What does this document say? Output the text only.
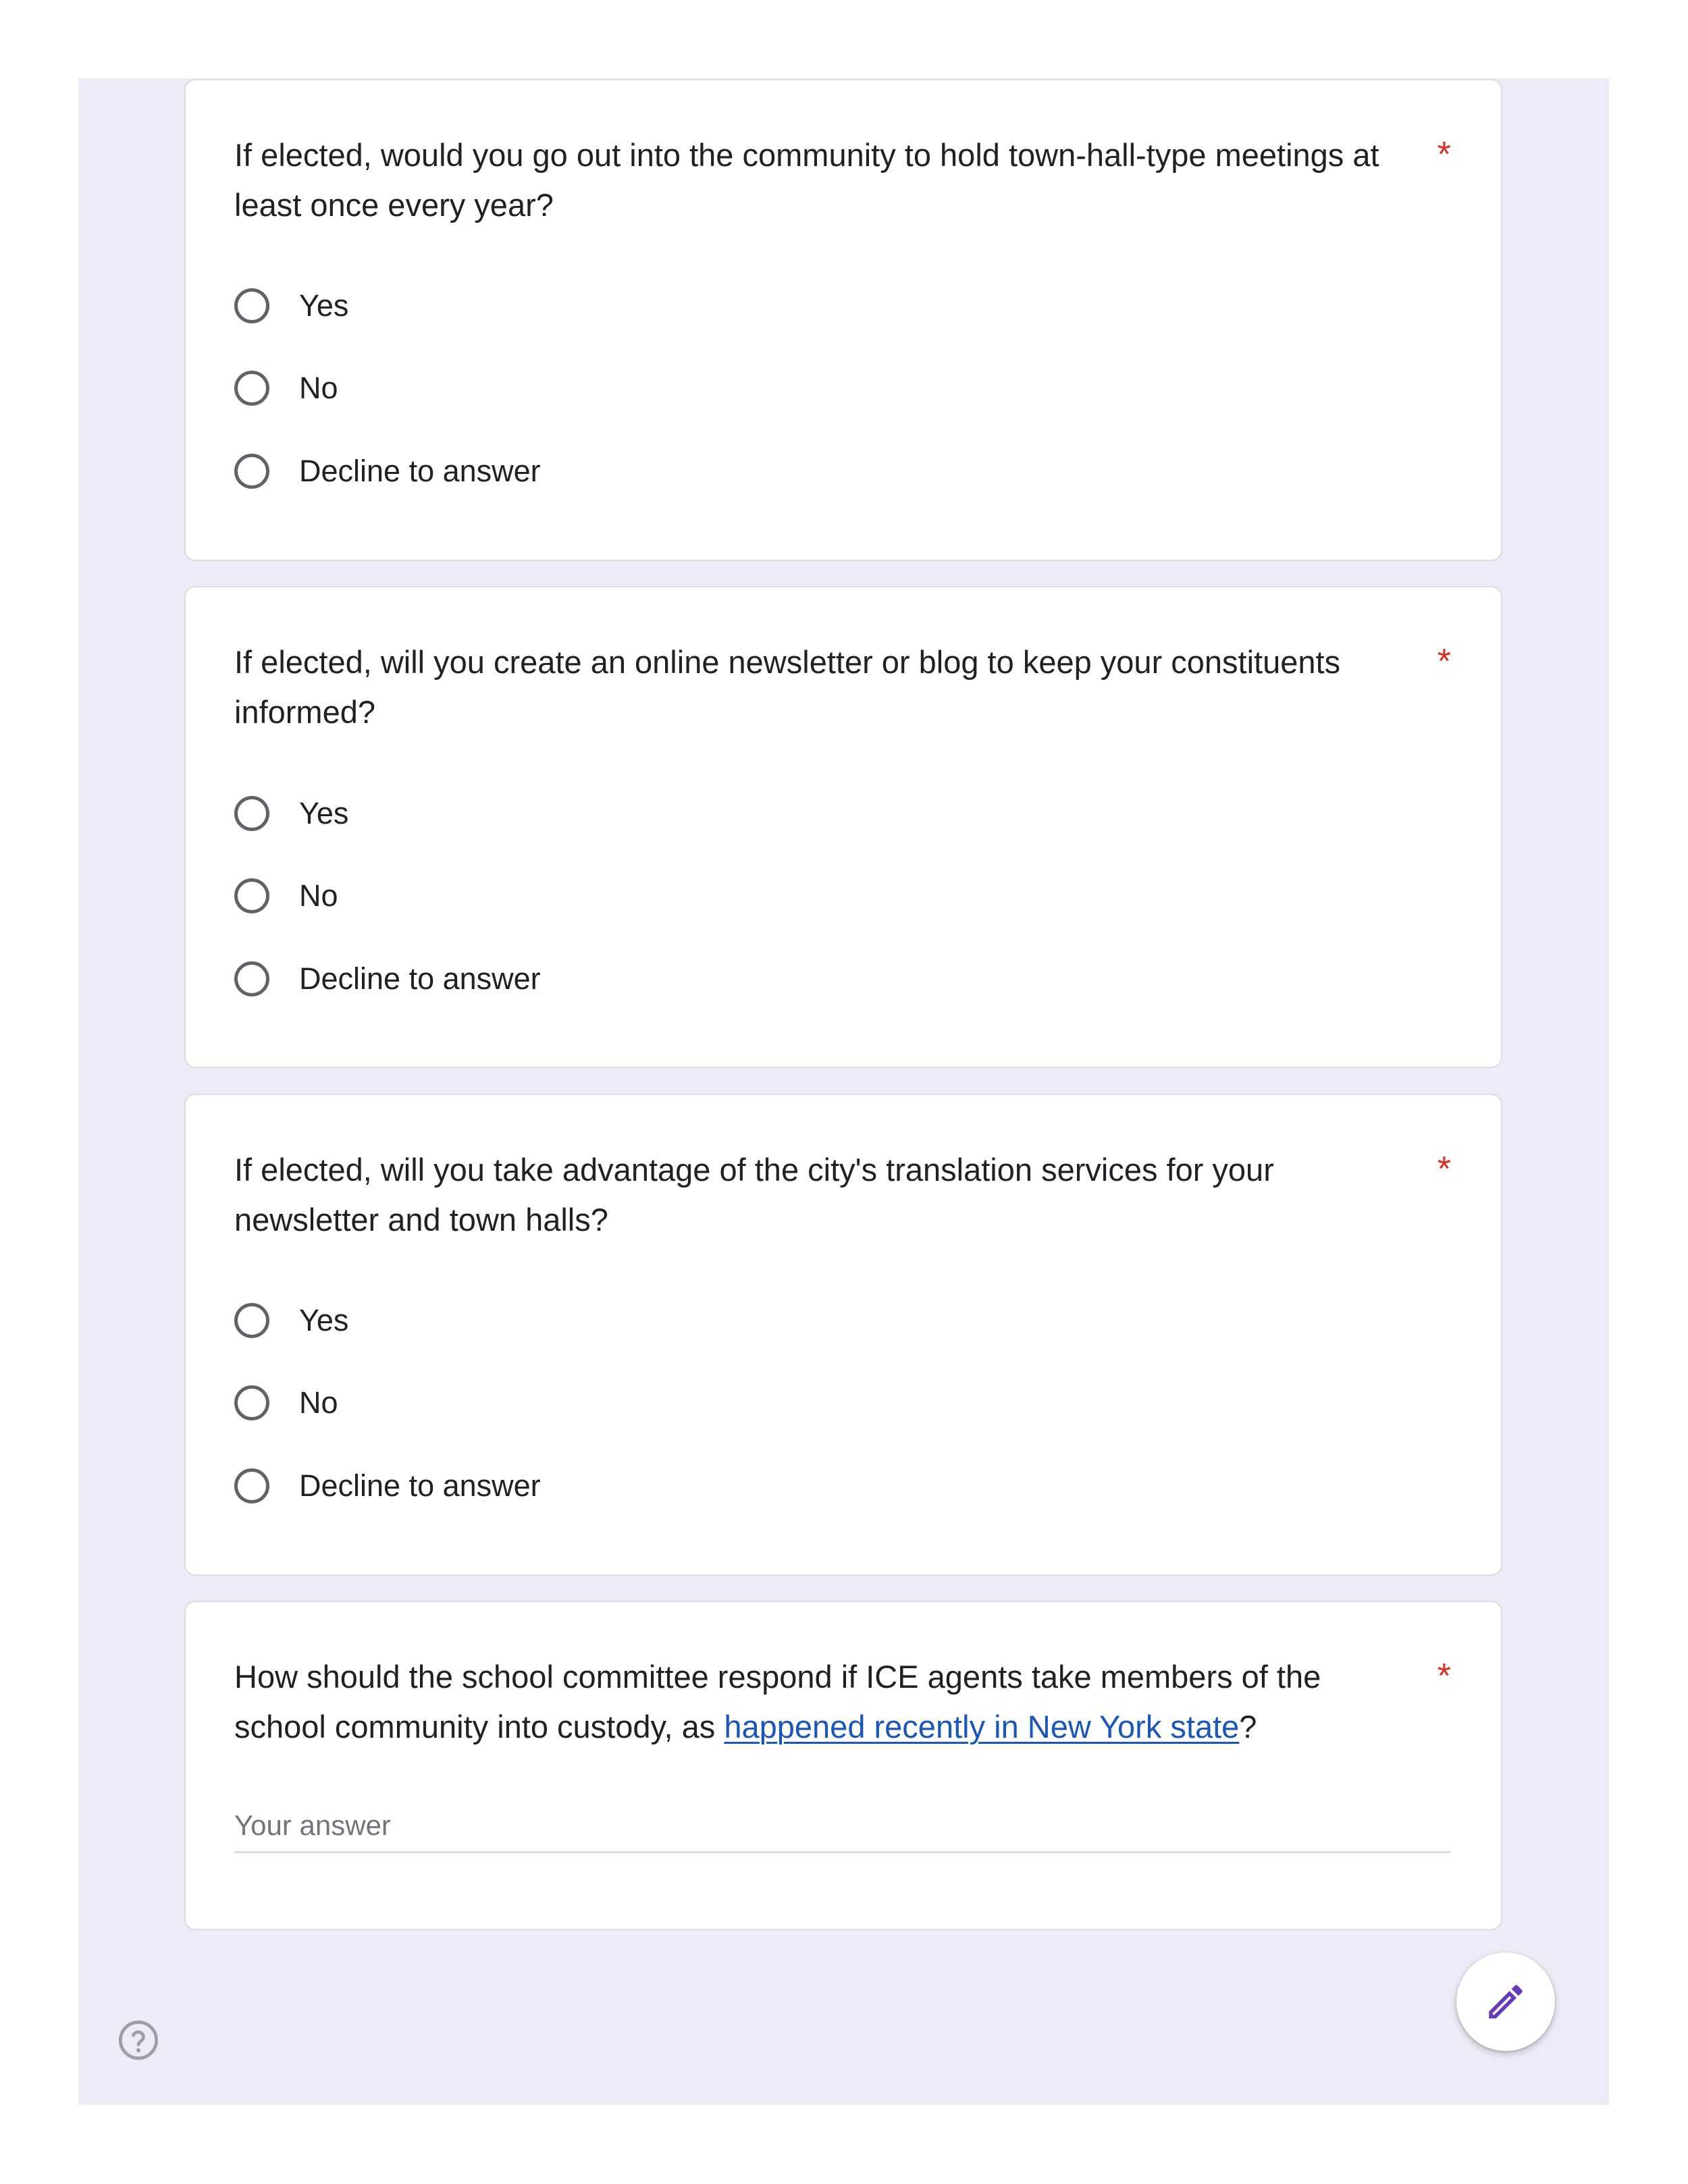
If elected, would you go out into the community to hold town-hall-type meetings at least once every year?
*
Yes
No
Decline to answer
If elected, will you create an online newsletter or blog to keep your constituents informed?
*
Yes
No
Decline to answer
If elected, will you take advantage of the city's translation services for your newsletter and town halls?
*
Yes
No
Decline to answer
How should the school committee respond if ICE agents take members of the school community into custody, as happened recently in New York state?
*
Your answer
